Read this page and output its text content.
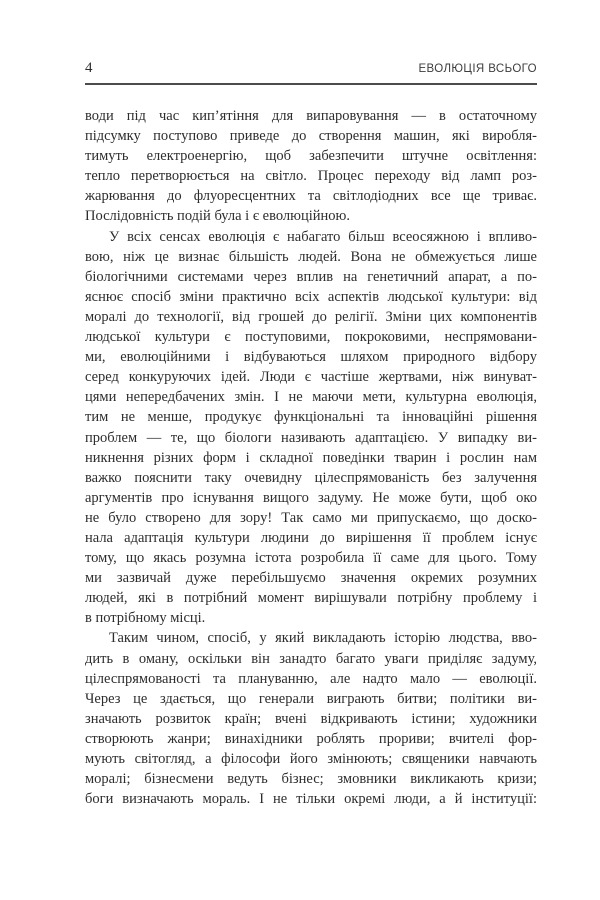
4	ЕВОЛЮЦІЯ ВСЬОГО
води під час кип’ятіння для випаровування — в остаточному
підсумку поступово приведе до створення машин, які виробля-
тимуть електроенергію, щоб забезпечити штучне освітлення:
тепло перетворюється на світло. Процес переходу від ламп роз-
жарювання до флуоресцентних та світлодіодних все ще триває.
Послідовність подій була і є еволюційною.
У всіх сенсах еволюція є набагато більш всеосяжною і впливо-
вою, ніж це визнає більшість людей. Вона не обмежується лише
біологічними системами через вплив на генетичний апарат, а по-
яснює спосіб зміни практично всіх аспектів людської культури: від
моралі до технології, від грошей до релігії. Зміни цих компонентів
людської культури є поступовими, покроковими, неспрямовани-
ми, еволюційними і відбуваються шляхом природного відбору
серед конкуруючих ідей. Люди є частіше жертвами, ніж винуват-
цями непередбачених змін. І не маючи мети, культурна еволюція,
тим не менше, продукує функціональні та інноваційні рішення
проблем — те, що біологи називають адаптацією. У випадку ви-
никнення різних форм і складної поведінки тварин і рослин нам
важко пояснити таку очевидну цілеспрямованість без залучення
аргументів про існування вищого задуму. Не може бути, щоб око
не було створено для зору! Так само ми припускаємо, що доско-
нала адаптація культури людини до вирішення її проблем існує
тому, що якась розумна істота розробила її саме для цього. Тому
ми зазвичай дуже перебільшуємо значення окремих розумних
людей, які в потрібний момент вирішували потрібну проблему і
в потрібному місці.
Таким чином, спосіб, у який викладають історію людства, вво-
дить в оману, оскільки він занадто багато уваги приділяє задуму,
цілеспрямованості та плануванню, але надто мало — еволюції.
Через це здається, що генерали виграють битви; політики ви-
значають розвиток країн; вчені відкривають істини; художники
створюють жанри; винахідники роблять прориви; вчителі фор-
мують світогляд, а філософи його змінюють; священики навчають
моралі; бізнесмени ведуть бізнес; змовники викликають кризи;
боги визначають мораль. І не тільки окремі люди, а й інституції:
